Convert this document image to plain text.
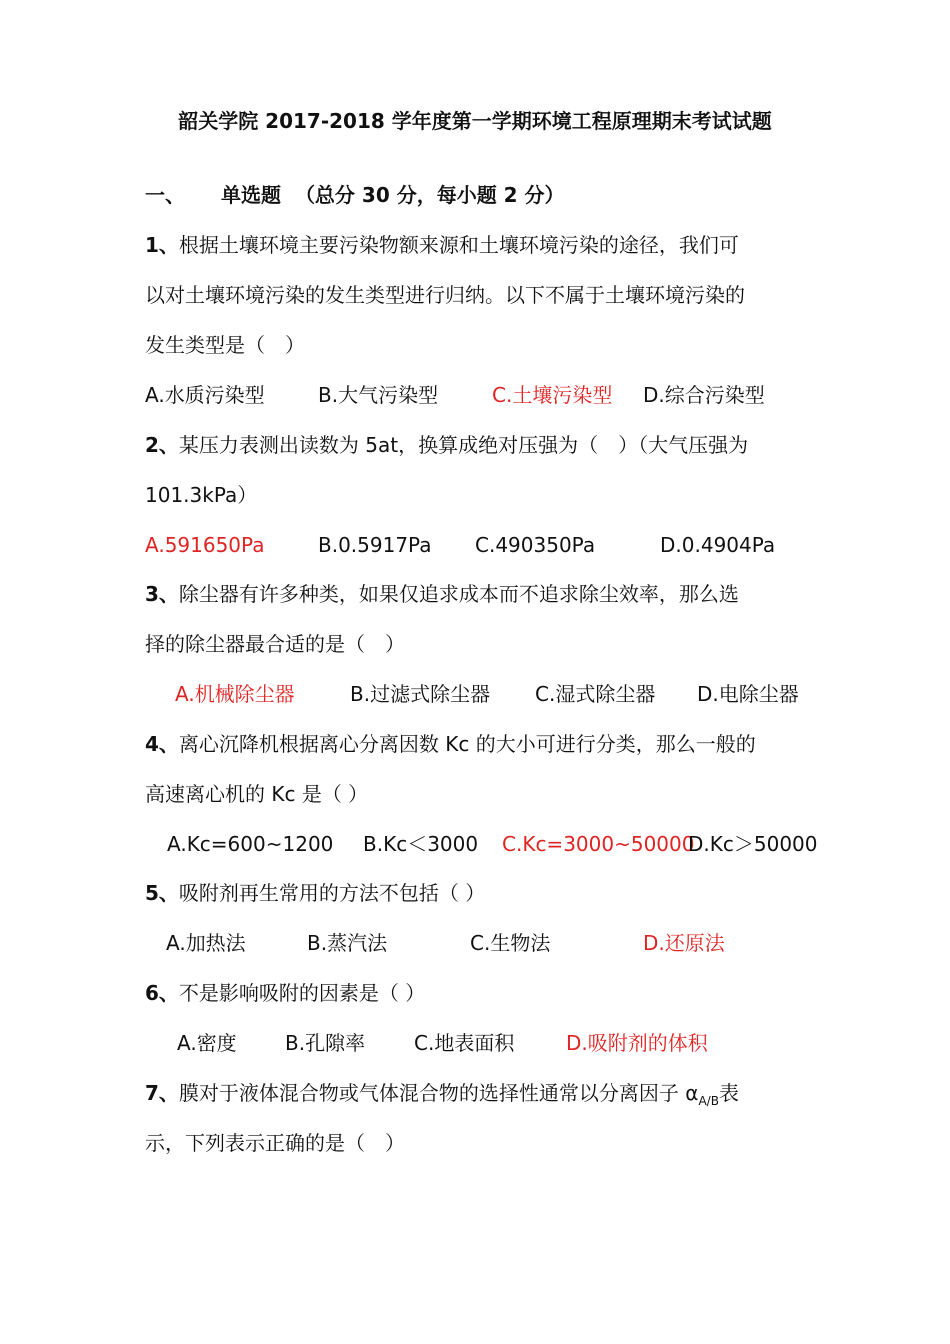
韶关学院 2017-2018 学年度第一学期环境工程原理期末考试试题
一、 单选题 （总分 30 分，每小题 2 分）
1、根据土壤环境主要污染物额来源和土壤环境污染的途径，我们可
以对土壤环境污染的发生类型进行归纳。以下不属于土壤环境污染的
发生类型是（　）
A.水质污染型	B.大气污染型	C.土壤污染型 D.综合污染型
2、某压力表测出读数为 5at，换算成绝对压强为（　）（大气压强为
101.3kPa）
A.591650Pa	B.0.5917Pa C.490350Pa	D.0.4904Pa
3、除尘器有许多种类，如果仅追求成本而不追求除尘效率，那么选
择的除尘器最合适的是（　）
A.机械除尘器	B.过滤式除尘器 C.湿式除尘器 D.电除尘器
4、离心沉降机根据离心分离因数 Kc 的大小可进行分类，那么一般的
高速离心机的 Kc 是（ ）
A.Kc=600~1200 B.Kc＜3000 C.Kc=3000~50000
D.Kc＞50000
5、吸附剂再生常用的方法不包括（ ）
A.加热法	B.蒸汽法	C.生物法	D.还原法
6、不是影响吸附的因素是（ ）
A.密度 B.孔隙率 C.地表面积	D.吸附剂的体积
7、膜对于液体混合物或气体混合物的选择性通常以分离因子 $\alpha_{A/B}$表
示，下列表示正确的是（　）
